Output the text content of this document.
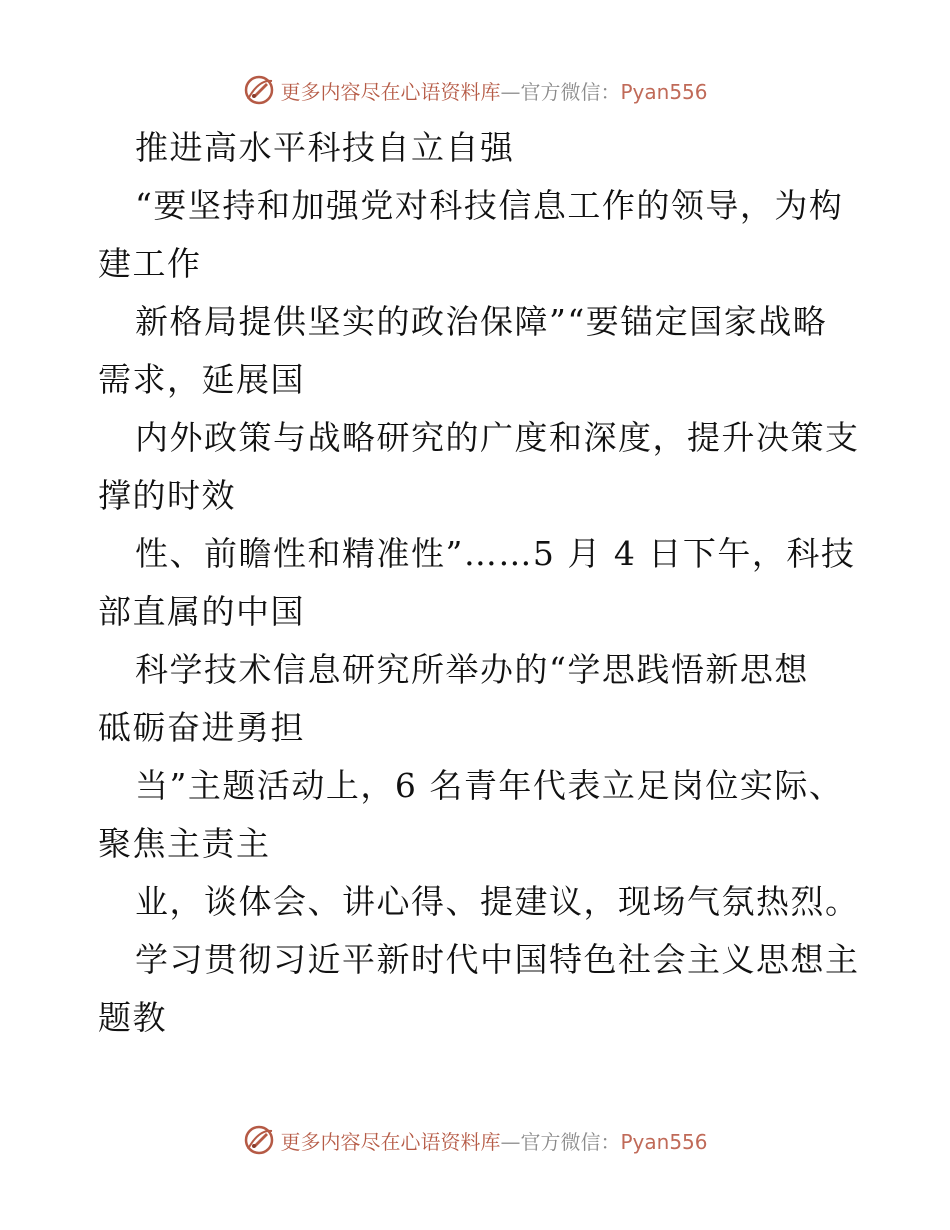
更多内容尽在心语资料库—官方微信：Pyan556
推进高水平科技自立自强
“要坚持和加强党对科技信息工作的领导，为构
建工作
新格局提供坚实的政治保障”“要锚定国家战略
需求，延展国
内外政策与战略研究的广度和深度，提升决策支
撑的时效
性、前瞻性和精准性”……5 月 4 日下午，科技
部直属的中国
科学技术信息研究所举办的“学思践悟新思想
砥砺奋进勇担
当”主题活动上，6 名青年代表立足岗位实际、
聚焦主责主
业，谈体会、讲心得、提建议，现场气氛热烈。
学习贯彻习近平新时代中国特色社会主义思想主
题教
更多内容尽在心语资料库—官方微信：Pyan556
